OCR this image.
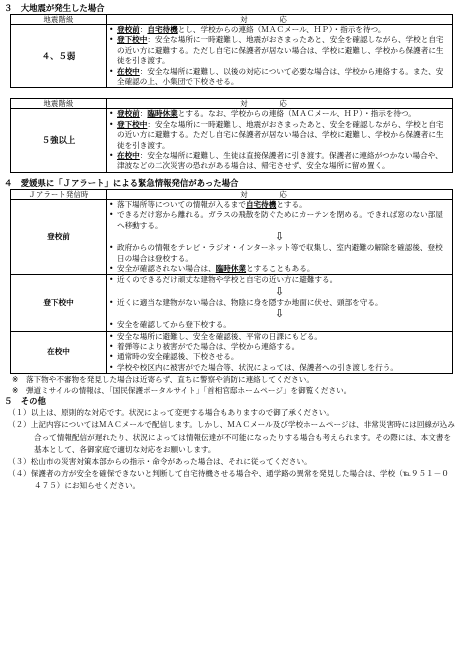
３　大地震が発生した場合
地震階級	対応
４、５弱	• 登校前：自宅待機とし、学校からの連絡（ＭＡＣメール、ＨＰ）・指示を待つ。
• 登下校中：安全な場所に一時避難し、地震がおさまったあと、安全を確認しながら、学校と自宅の近い方に避難する。ただし自宅に保護者が居ない場合は、学校に避難し、学校から保護者に生徒を引き渡す。
• 在校中：安全な場所に避難し、以後の対応について必要な場合は、学校から連絡する。また、安全確認の上、小集団で下校させる。
地震階級	対応
５強以上	• 登校前：臨時休業とする。なお、学校からの連絡（ＭＡＣメール、ＨＰ）・指示を待つ。
• 登下校中：安全な場所に一時避難し、地震がおさまったあと、安全を確認しながら、学校と自宅の近い方に避難する。ただし自宅に保護者が居ない場合は、学校に避難し、学校から保護者に生徒を引き渡す。
• 在校中：安全な場所に避難し、生徒は直接保護者に引き渡す。保護者に連絡がつかない場合や、津波などの二次災害の恐れがある場合は、帰宅させず、安全な場所に留め置く。
４　愛媛県に「Ｊアラート」による緊急情報発信があった場合
Ｊアラート発信時	対応
登校前	• 落下場所等についての情報が入るまで自宅待機とする。
• できるだけ窓から離れる。ガラスの飛散を防ぐためにカーテンを閉める。できれば窓のない部屋へ移動する。
⇩
• 政府からの情報をテレビ・ラジオ・インターネット等で収集し、室内避難の解除を確認後、登校日の場合は登校する。
• 安全が確認されない場合は、臨時休業とすることもある。

登下校中	• 近くのできるだけ頑丈な建物や学校と自宅の近い方に避難する。
⇩
• 近くに適当な建物がない場合は、物陰に身を隠すか地面に伏せ、頭部を守る。
⇩
• 安全を確認してから登下校する。

在校中	• 安全な場所に避難し、安全を確認後、平常の日課にもどる。
• 着弾等により被害がでた場合は、学校から連絡する。
• 通常時の安全確認後、下校させる。
• 学校や校区内に被害がでた場合等、状況によっては、保護者への引き渡しを行う。
※　落下物や不審物を発見した場合は近寄らず、直ちに警察や消防に連絡してください。
※　弾道ミサイルの情報は、「国民保護ポータルサイト」「首相官邸ホームページ」を御覧ください。
５　その他
（１）以上は、原則的な対応です。状況によって変更する場合もありますので御了承ください。
（２）上記内容についてはＭＡＣメールで配信します。しかし、ＭＡＣメール及び学校ホームページは、非常災害時には回線が込み合って情報配信が遅れたり、状況によっては情報伝達が不可能になったりする場合も考えられます。その際には、本文書を基本として、各御家庭で適切な対応をお願いします。
（３）松山市の災害対策本部からの指示・命令があった場合は、それに従ってください。
（４）保護者の方が安全を確保できないと判断して自宅待機させる場合や、通学路の異常を発見した場合は、学校（℡９５１－０４７５）にお知らせください。
